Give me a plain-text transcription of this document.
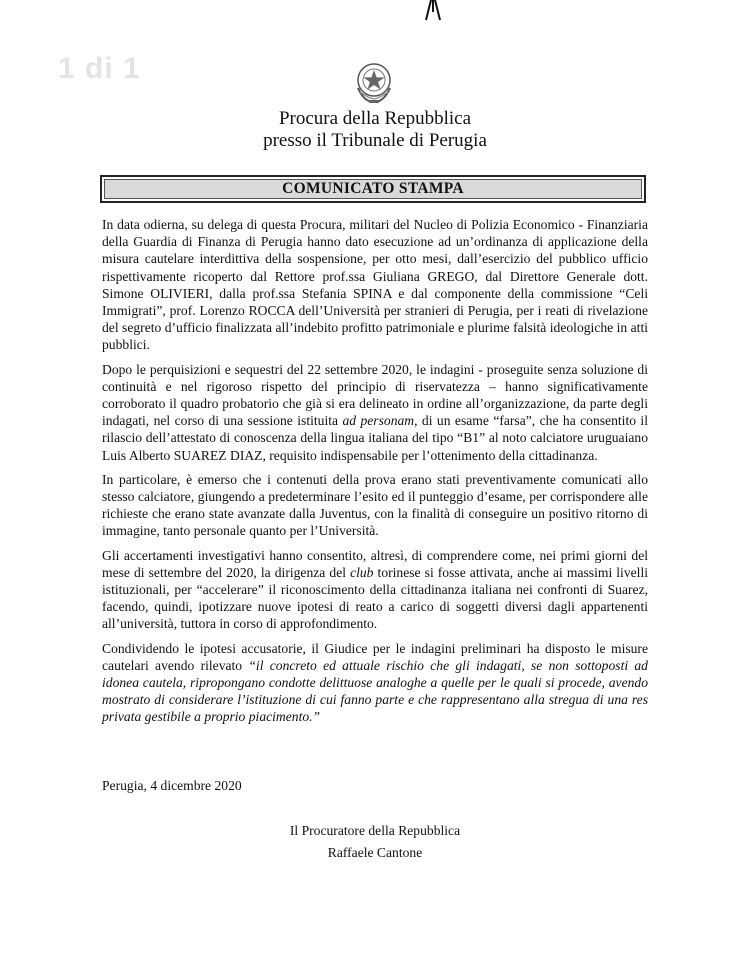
1 di 1
Procura della Repubblica
presso il Tribunale di Perugia
COMUNICATO STAMPA

In data odierna, su delega di questa Procura, militari del Nucleo di Polizia Economico - Finanziaria della Guardia di Finanza di Perugia hanno dato esecuzione ad un’ordinanza di applicazione della misura cautelare interdittiva della sospensione, per otto mesi, dall’esercizio del pubblico ufficio rispettivamente ricoperto dal Rettore prof.ssa Giuliana GREGO, dal Direttore Generale dott. Simone OLIVIERI, dalla prof.ssa Stefania SPINA e dal componente della commissione “Celi Immigrati”, prof. Lorenzo ROCCA dell’Università per stranieri di Perugia, per i reati di rivelazione del segreto d’ufficio finalizzata all’indebito profitto patrimoniale e plurime falsità ideologiche in atti pubblici.

Dopo le perquisizioni e sequestri del 22 settembre 2020, le indagini - proseguite senza soluzione di continuità e nel rigoroso rispetto del principio di riservatezza – hanno significativamente corroborato il quadro probatorio che già si era delineato in ordine all’organizzazione, da parte degli indagati, nel corso di una sessione istituita ad personam, di un esame “farsa”, che ha consentito il rilascio dell’attestato di conoscenza della lingua italiana del tipo “B1” al noto calciatore uruguaiano Luis Alberto SUAREZ DIAZ, requisito indispensabile per l’ottenimento della cittadinanza.

In particolare, è emerso che i contenuti della prova erano stati preventivamente comunicati allo stesso calciatore, giungendo a predeterminare l’esito ed il punteggio d’esame, per corrispondere alle richieste che erano state avanzate dalla Juventus, con la finalità di conseguire un positivo ritorno di immagine, tanto personale quanto per l’Università.

Gli accertamenti investigativi hanno consentito, altresì, di comprendere come, nei primi giorni del mese di settembre del 2020, la dirigenza del club torinese si fosse attivata, anche ai massimi livelli istituzionali, per “accelerare” il riconoscimento della cittadinanza italiana nei confronti di Suarez, facendo, quindi, ipotizzare nuove ipotesi di reato a carico di soggetti diversi dagli appartenenti all’università, tuttora in corso di approfondimento.

Condividendo le ipotesi accusatorie, il Giudice per le indagini preliminari ha disposto le misure cautelari avendo rilevato “il concreto ed attuale rischio che gli indagati, se non sottoposti ad idonea cautela, ripropongano condotte delittuose analoghe a quelle per le quali si procede, avendo mostrato di considerare l’istituzione di cui fanno parte e che rappresentano alla stregua di una res privata gestibile a proprio piacimento.”

Perugia, 4 dicembre 2020
Il Procuratore della Repubblica
Raffaele Cantone
